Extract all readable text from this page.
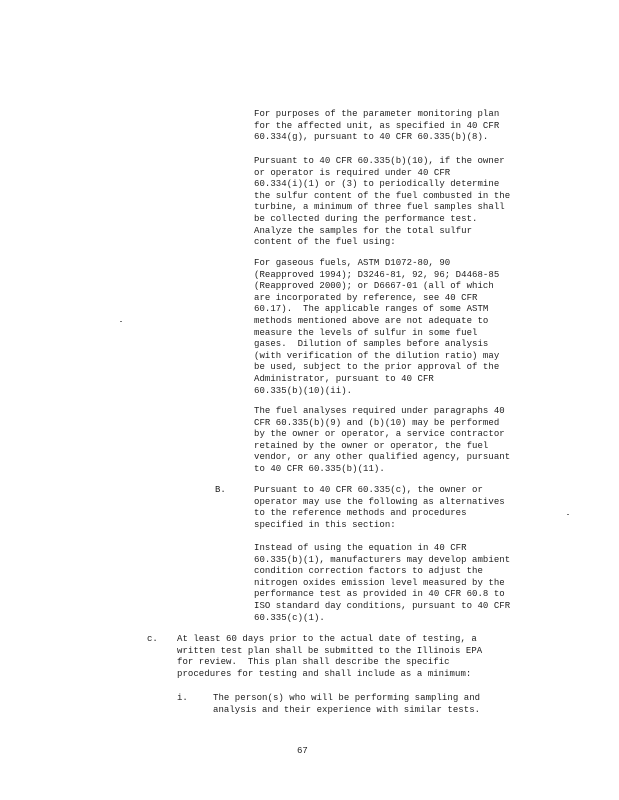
For purposes of the parameter monitoring plan
for the affected unit, as specified in 40 CFR
60.334(g), pursuant to 40 CFR 60.335(b)(8).

Pursuant to 40 CFR 60.335(b)(10), if the owner
or operator is required under 40 CFR
60.334(i)(1) or (3) to periodically determine
the sulfur content of the fuel combusted in the
turbine, a minimum of three fuel samples shall
be collected during the performance test.
Analyze the samples for the total sulfur
content of the fuel using:

For gaseous fuels, ASTM D1072-80, 90
(Reapproved 1994); D3246-81, 92, 96; D4468-85
(Reapproved 2000); or D6667-01 (all of which
are incorporated by reference, see 40 CFR
60.17).  The applicable ranges of some ASTM
methods mentioned above are not adequate to
measure the levels of sulfur in some fuel
gases.  Dilution of samples before analysis
(with verification of the dilution ratio) may
be used, subject to the prior approval of the
Administrator, pursuant to 40 CFR
60.335(b)(10)(ii).

The fuel analyses required under paragraphs 40
CFR 60.335(b)(9) and (b)(10) may be performed
by the owner or operator, a service contractor
retained by the owner or operator, the fuel
vendor, or any other qualified agency, pursuant
to 40 CFR 60.335(b)(11).

B.	Pursuant to 40 CFR 60.335(c), the owner or
operator may use the following as alternatives
to the reference methods and procedures
specified in this section:

Instead of using the equation in 40 CFR
60.335(b)(1), manufacturers may develop ambient
condition correction factors to adjust the
nitrogen oxides emission level measured by the
performance test as provided in 40 CFR 60.8 to
ISO standard day conditions, pursuant to 40 CFR
60.335(c)(1).

c. At least 60 days prior to the actual date of testing, a
written test plan shall be submitted to the Illinois EPA
for review.  This plan shall describe the specific
procedures for testing and shall include as a minimum:

i.	The person(s) who will be performing sampling and
analysis and their experience with similar tests.

67
